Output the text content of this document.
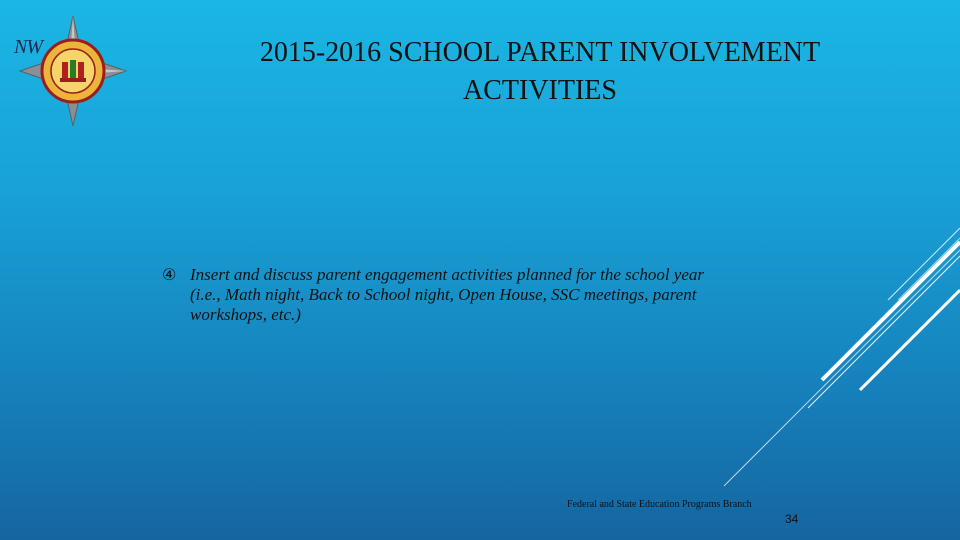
NW	2015-2016 SCHOOL PARENT INVOLVEMENT
ACTIVITIES
④ Insert and discuss parent engagement activities planned for the school year
(i.e., Math night, Back to School night, Open House, SSC meetings, parent
workshops, etc.)
Federal and State Education Programs Branch
34
